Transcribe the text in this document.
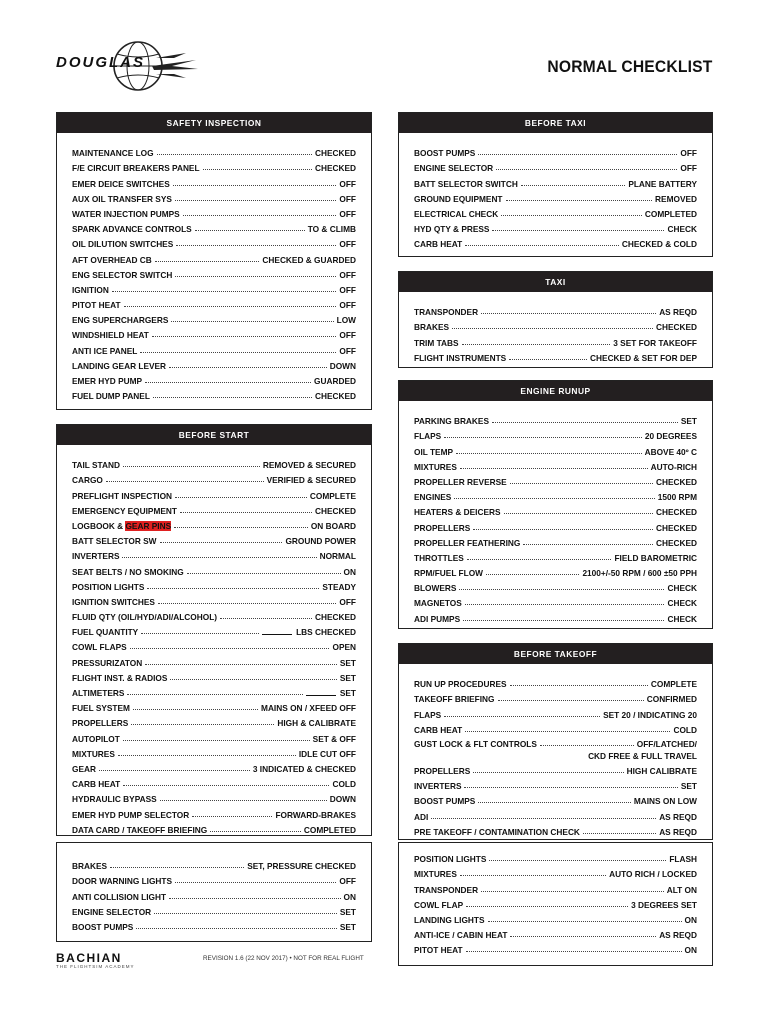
DOUGLAS	NORMAL CHECKLIST
SAFETY INSPECTION
MAINTENANCE LOG	CHECKED
F/E CIRCUIT BREAKERS PANEL	CHECKED
EMER DEICE SWITCHES	OFF
AUX OIL TRANSFER SYS	OFF
WATER INJECTION PUMPS	OFF
SPARK ADVANCE CONTROLS	TO & CLIMB
OIL DILUTION SWITCHES	OFF
AFT OVERHEAD CB	CHECKED & GUARDED
ENG SELECTOR SWITCH	OFF
IGNITION	OFF
PITOT HEAT	OFF
ENG SUPERCHARGERS	LOW
WINDSHIELD HEAT	OFF
ANTI ICE PANEL	OFF
LANDING GEAR LEVER	DOWN
EMER HYD PUMP	GUARDED
FUEL DUMP PANEL	CHECKED
BEFORE START
TAIL STAND	REMOVED & SECURED
CARGO	VERIFIED & SECURED
PREFLIGHT INSPECTION	COMPLETE
EMERGENCY EQUIPMENT	CHECKED
LOGBOOK & GEAR PINS	ON BOARD
BATT SELECTOR SW	GROUND POWER
INVERTERS	NORMAL
SEAT BELTS / NO SMOKING	ON
POSITION LIGHTS	STEADY
IGNITION SWITCHES	OFF
FLUID QTY (OIL/HYD/ADI/ALCOHOL)	CHECKED
FUEL QUANTITY	LBS CHECKED
COWL FLAPS	OPEN
PRESSURIZATON	SET
FLIGHT INST. & RADIOS	SET
ALTIMETERS	SET
FUEL SYSTEM	MAINS ON / XFEED OFF
PROPELLERS	HIGH & CALIBRATE
AUTOPILOT	SET & OFF
MIXTURES	IDLE CUT OFF
GEAR	3 INDICATED & CHECKED
CARB HEAT	COLD
HYDRAULIC BYPASS	DOWN
EMER HYD PUMP SELECTOR	FORWARD-BRAKES
DATA CARD / TAKEOFF BRIEFING	COMPLETED
BRAKES	SET, PRESSURE CHECKED
DOOR WARNING LIGHTS	OFF
ANTI COLLISION LIGHT	ON
ENGINE SELECTOR	SET
BOOST PUMPS	SET
BEFORE TAXI
BOOST PUMPS	OFF
ENGINE SELECTOR	OFF
BATT SELECTOR SWITCH	PLANE BATTERY
GROUND EQUIPMENT	REMOVED
ELECTRICAL CHECK	COMPLETED
HYD QTY & PRESS	CHECK
CARB HEAT	CHECKED & COLD
TAXI
TRANSPONDER	AS REQD
BRAKES	CHECKED
TRIM TABS	3 SET FOR TAKEOFF
FLIGHT INSTRUMENTS	CHECKED & SET FOR DEP
ENGINE RUNUP
PARKING BRAKES	SET
FLAPS	20 DEGREES
OIL TEMP	ABOVE 40º C
MIXTURES	AUTO-RICH
PROPELLER REVERSE	CHECKED
ENGINES	1500 RPM
HEATERS & DEICERS	CHECKED
PROPELLERS	CHECKED
PROPELLER FEATHERING	CHECKED
THROTTLES	FIELD BAROMETRIC
RPM/FUEL FLOW	2100+/-50 RPM / 600 ±50 PPH
BLOWERS	CHECK
MAGNETOS	CHECK
ADI PUMPS	CHECK
BEFORE TAKEOFF
RUN UP PROCEDURES	COMPLETE
TAKEOFF BRIEFING	CONFIRMED
FLAPS	SET 20 / INDICATING 20
CARB HEAT	COLD
GUST LOCK & FLT CONTROLS	OFF/LATCHED/
CKD FREE & FULL TRAVEL
PROPELLERS	HIGH CALIBRATE
INVERTERS	SET
BOOST PUMPS	MAINS ON LOW
ADI	AS REQD
PRE TAKEOFF / CONTAMINATION CHECK	AS REQD
POSITION LIGHTS	FLASH
MIXTURES	AUTO RICH / LOCKED
TRANSPONDER	ALT ON
COWL FLAP	3 DEGREES SET
LANDING LIGHTS	ON
ANTI-ICE / CABIN HEAT	AS REQD
PITOT HEAT	ON
BACHIAN
THE FLIGHTSIM ACADEMY
REVISION 1.6 (22 NOV 2017) • NOT FOR REAL FLIGHT
